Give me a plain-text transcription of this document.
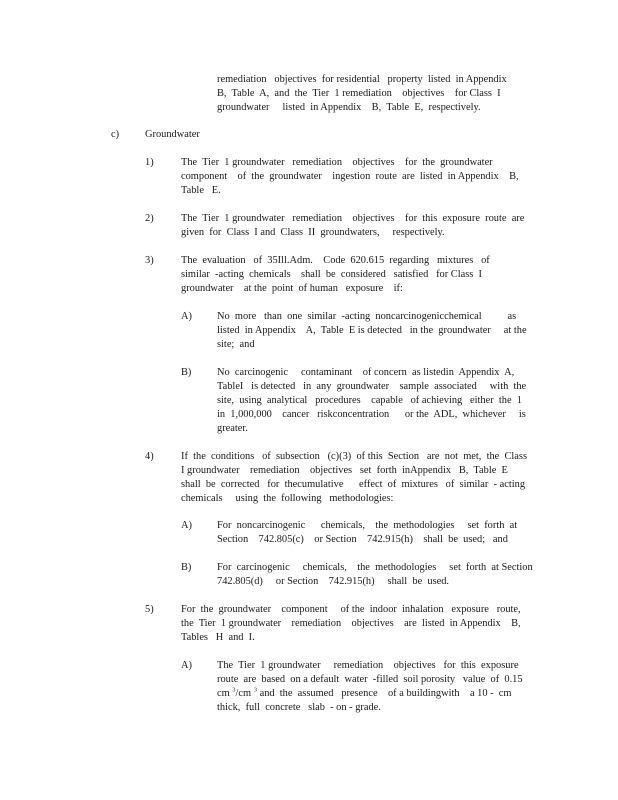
remediation   objectives  for residential   property  listed  in Appendix
B,  Table  A,  and  the  Tier  1 remediation    objectives    for Class  I
groundwater     listed  in Appendix    B,  Table  E,  respectively.
c) Groundwater
1)	The  Tier  1 groundwater   remediation    objectives    for  the  groundwater
component    of  the  groundwater    ingestion  route  are  listed  in Appendix    B,
Table   E.
2)	The  Tier  1 groundwater   remediation    objectives    for  this  exposure  route  are
given  for  Class  I and  Class  II  groundwaters,     respectively.
3)	The  evaluation   of  35Ill.Adm.    Code  620.615  regarding   mixtures   of
similar  -acting  chemicals    shall  be  considered   satisfied   for Class  I
groundwater    at the  point  of human   exposure    if:
A) No  more   than  one  similar  -acting  noncarcinogenicchemical          as
listed  in Appendix    A,  Table  E is detected   in the  groundwater     at the
site;  and
B) No  carcinogenic     contaminant    of concern  as listedin  Appendix  A,
TableI   is detected   in  any  groundwater    sample  associated     with  the
site,  using  analytical   procedures    capable   of achieving   either  the  1
in  1,000,000    cancer   riskconcentration      or the  ADL,  whichever     is
greater.
4)	If  the  conditions   of  subsection   (c)(3)  of this  Section   are  not  met,  the  Class
I groundwater    remediation    objectives   set  forth  inAppendix   B,  Table  E
shall  be  corrected   for  thecumulative      effect  of  mixtures   of  similar  - acting
chemicals     using  the  following   methodologies:
A) For  noncarcinogenic      chemicals,    the  methodologies     set  forth  at
Section    742.805(c)    or Section    742.915(h)    shall  be  used;   and
B) For  carcinogenic     chemicals,    the  methodologies     set  forth  at Section
742.805(d)     or Section    742.915(h)     shall  be  used.
5)	For  the  groundwater    component     of the  indoor  inhalation   exposure   route,
the  Tier  1 groundwater    remediation    objectives    are  listed  in Appendix    B,
Tables   H  and  I.
A) The  Tier  1 groundwater     remediation    objectives   for  this  exposure
route  are  based  on a default  water  -filled  soil porosity   value  of  0.15
cm $^3$/cm $^3$ and  the  assumed   presence    of a buildingwith    a 10 -  cm
thick,  full  concrete   slab  - on - grade.
